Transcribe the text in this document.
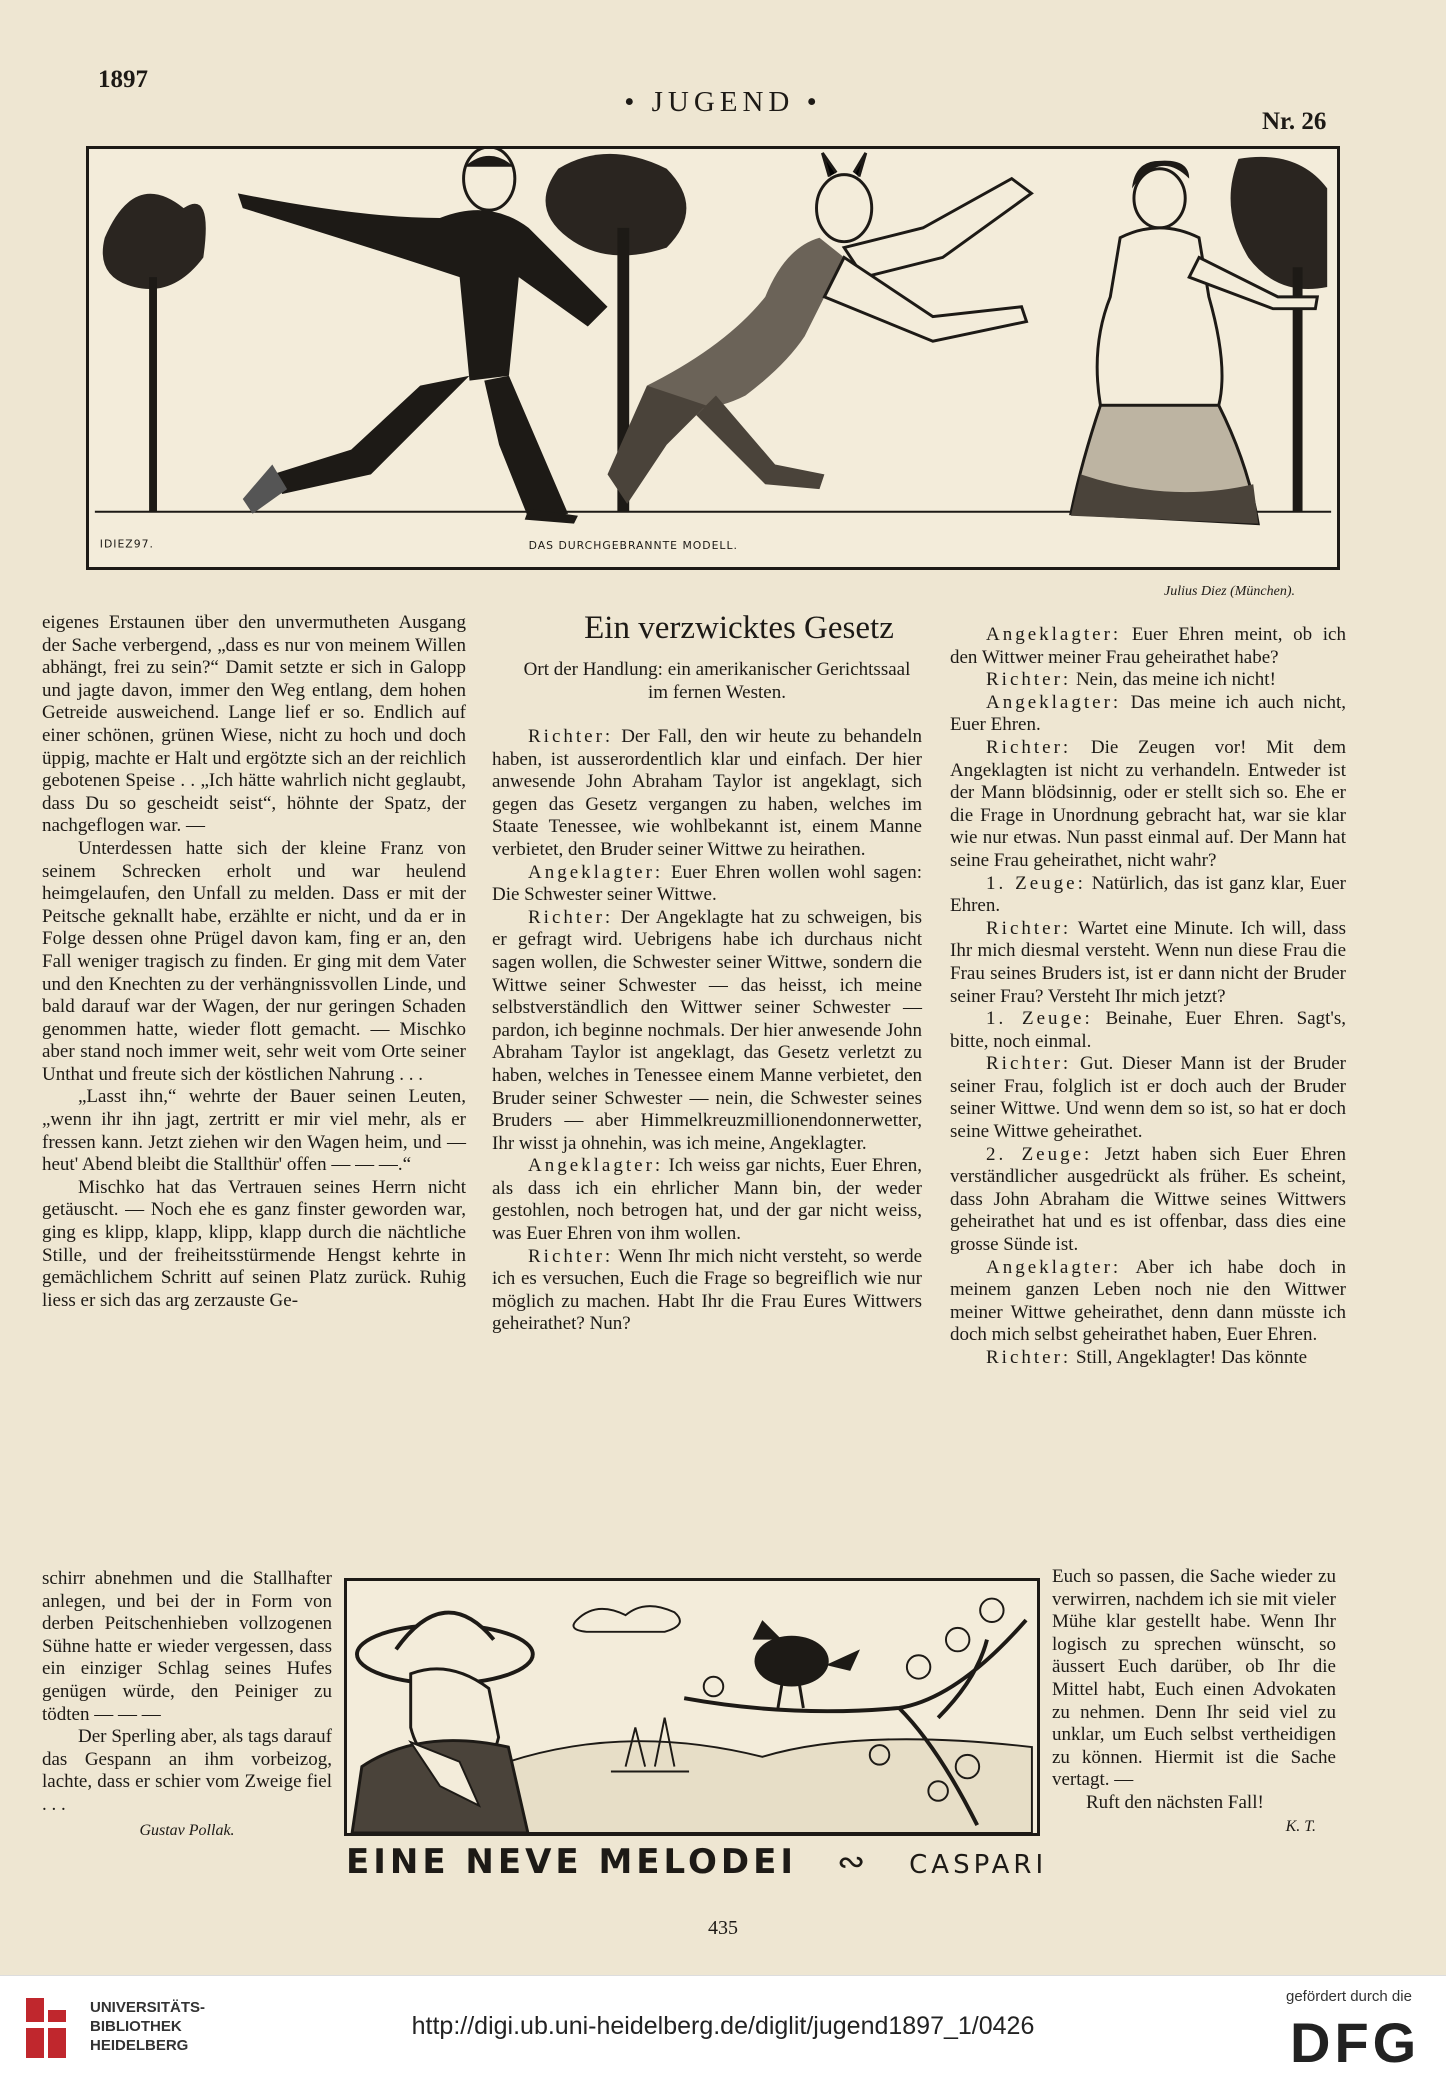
1897
• JUGEND •
Nr. 26
IDIEZ97.	DAS DURCHGEBRANNTE MODELL.
Julius Diez (München).

eigenes Erstaunen über den unvermutheten Ausgang der Sache verbergend, „dass es nur von meinem Willen abhängt, frei zu sein?“ Damit setzte er sich in Galopp und jagte davon, immer den Weg entlang, dem hohen Getreide ausweichend. Lange lief er so. Endlich auf einer schönen, grünen Wiese, nicht zu hoch und doch üppig, machte er Halt und ergötzte sich an der reichlich gebotenen Speise . . „Ich hätte wahrlich nicht geglaubt, dass Du so gescheidt seist“, höhnte der Spatz, der nachgeflogen war. —

Unterdessen hatte sich der kleine Franz von seinem Schrecken erholt und war heulend heimgelaufen, den Unfall zu melden. Dass er mit der Peitsche geknallt habe, erzählte er nicht, und da er in Folge dessen ohne Prügel davon kam, fing er an, den Fall weniger tragisch zu finden. Er ging mit dem Vater und den Knechten zu der verhängnissvollen Linde, und bald darauf war der Wagen, der nur geringen Schaden genommen hatte, wieder flott gemacht. — Mischko aber stand noch immer weit, sehr weit vom Orte seiner Unthat und freute sich der köstlichen Nahrung . . .

„Lasst ihn,“ wehrte der Bauer seinen Leuten, „wenn ihr ihn jagt, zertritt er mir viel mehr, als er fressen kann. Jetzt ziehen wir den Wagen heim, und — heut' Abend bleibt die Stallthür' offen — — —.“

Mischko hat das Vertrauen seines Herrn nicht getäuscht. — Noch ehe es ganz finster geworden war, ging es klipp, klapp, klipp, klapp durch die nächtliche Stille, und der freiheitsstürmende Hengst kehrte in gemächlichem Schritt auf seinen Platz zurück. Ruhig liess er sich das arg zerzauste Ge-

schirr abnehmen und die Stallhafter anlegen, und bei der in Form von derben Peitschenhieben vollzogenen Sühne hatte er wieder vergessen, dass ein einziger Schlag seines Hufes genügen würde, den Peiniger zu tödten — — —

Der Sperling aber, als tags darauf das Gespann an ihm vorbeizog, lachte, dass er schier vom Zweige fiel . . .

Gustav Pollak.
Ein verzwicktes Gesetz
Ort der Handlung: ein amerikanischer Gerichtssaal im fernen Westen.

Richter: Der Fall, den wir heute zu behandeln haben, ist ausserordentlich klar und einfach. Der hier anwesende John Abraham Taylor ist angeklagt, sich gegen das Gesetz vergangen zu haben, welches im Staate Tenessee, wie wohlbekannt ist, einem Manne verbietet, den Bruder seiner Wittwe zu heirathen.

Angeklagter: Euer Ehren wollen wohl sagen: Die Schwester seiner Wittwe.

Richter: Der Angeklagte hat zu schweigen, bis er gefragt wird. Uebrigens habe ich durchaus nicht sagen wollen, die Schwester seiner Wittwe, sondern die Wittwe seiner Schwester — das heisst, ich meine selbstverständlich den Wittwer seiner Schwester — pardon, ich beginne nochmals. Der hier anwesende John Abraham Taylor ist angeklagt, das Gesetz verletzt zu haben, welches in Tenessee einem Manne verbietet, den Bruder seiner Schwester — nein, die Schwester seines Bruders — aber Himmelkreuzmillionendonnerwetter, Ihr wisst ja ohnehin, was ich meine, Angeklagter.

Angeklagter: Ich weiss gar nichts, Euer Ehren, als dass ich ein ehrlicher Mann bin, der weder gestohlen, noch betrogen hat, und der gar nicht weiss, was Euer Ehren von ihm wollen.

Richter: Wenn Ihr mich nicht versteht, so werde ich es versuchen, Euch die Frage so begreiflich wie nur möglich zu machen. Habt Ihr die Frau Eures Wittwers geheirathet? Nun?

Angeklagter: Euer Ehren meint, ob ich den Wittwer meiner Frau geheirathet habe?

Richter: Nein, das meine ich nicht!

Angeklagter: Das meine ich auch nicht, Euer Ehren.

Richter: Die Zeugen vor! Mit dem Angeklagten ist nicht zu verhandeln. Entweder ist der Mann blödsinnig, oder er stellt sich so. Ehe er die Frage in Unordnung gebracht hat, war sie klar wie nur etwas. Nun passt einmal auf. Der Mann hat seine Frau geheirathet, nicht wahr?

1. Zeuge: Natürlich, das ist ganz klar, Euer Ehren.

Richter: Wartet eine Minute. Ich will, dass Ihr mich diesmal versteht. Wenn nun diese Frau die Frau seines Bruders ist, ist er dann nicht der Bruder seiner Frau? Versteht Ihr mich jetzt?

1. Zeuge: Beinahe, Euer Ehren. Sagt's, bitte, noch einmal.

Richter: Gut. Dieser Mann ist der Bruder seiner Frau, folglich ist er doch auch der Bruder seiner Wittwe. Und wenn dem so ist, so hat er doch seine Wittwe geheirathet.

2. Zeuge: Jetzt haben sich Euer Ehren verständlicher ausgedrückt als früher. Es scheint, dass John Abraham die Wittwe seines Wittwers geheirathet hat und es ist offenbar, dass dies eine grosse Sünde ist.

Angeklagter: Aber ich habe doch in meinem ganzen Leben noch nie den Wittwer meiner Wittwe geheirathet, denn dann müsste ich doch mich selbst geheirathet haben, Euer Ehren.

Richter: Still, Angeklagter! Das könnte

Euch so passen, die Sache wieder zu verwirren, nachdem ich sie mit vieler Mühe klar gestellt habe. Wenn Ihr logisch zu sprechen wünscht, so äussert Euch darüber, ob Ihr die Mittel habt, Euch einen Advokaten zu nehmen. Denn Ihr seid viel zu unklar, um Euch selbst vertheidigen zu können. Hiermit ist die Sache vertagt. —

Ruft den nächsten Fall!

K. T.
EINE NEVE MELODEI ∾ CASPARI
435
UNIVERSITÄTS-
BIBLIOTHEK
HEIDELBERG
http://digi.ub.uni-heidelberg.de/diglit/jugend1897_1/0426
gefördert durch die
DFG
